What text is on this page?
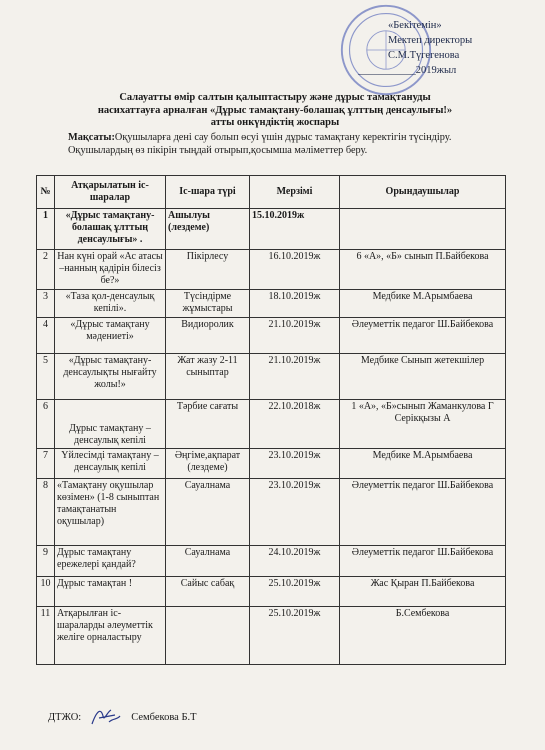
«Бекітемін»
Мектеп директоры
С.М.Түгегенова
___________2019жыл
Салауатты өмір салтын қалыптастыру және дұрыс тамақтануды
насихаттауға арналған «Дұрыс тамақтану-болашақ ұлттың денсаулығы!»
атты онкүндіктің жоспары
Мақсаты:Оқушыларға дені сау болып өсуі үшін дұрыс тамақтану керектігін түсіндіру. Оқушылардың өз пікірін тыңдай отырып,қосымша мәліметтер беру.
№	Атқарылатын іс-шаралар	Іс-шара түрі	Мерзімі	Орындаушылар
1	«Дұрыс тамақтану-болашақ ұлттың денсаулығы» .	Ашылуы (лездеме)	15.10.2019ж	
2	Нан күні орай «Ас атасы –нанның қадірін білесіз бе?»	Пікірлесу	16.10.2019ж	6 «А», «Б» сынып П.Байбекова
3	«Таза қол-денсаулық кепілі».	Түсіндірме жұмыстары	18.10.2019ж	Медбике М.Арымбаева
4	«Дұрыс тамақтану мәдениеті»	Видиоролик	21.10.2019ж	Әлеуметтік педагог Ш.Байбекова
5	«Дұрыс тамақтану-денсаулықты нығайту жолы!»	Жат жазу 2-11 сыныптар	21.10.2019ж	Медбике Сынып жетекшілер
6	Дұрыс тамақтану –денсаулық кепілі	Тәрбие сағаты	22.10.2018ж	1 «А», «Б»сынып Жаманкулова Г Серікқызы А
7	Үйлесімді тамақтану –денсаулық кепілі	Әңгіме,ақпарат (лездеме)	23.10.2019ж	Медбике М.Арымбаева
8	«Тамақтану оқушылар көзімен» (1-8 сыныптан тамақтанатын оқушылар)	Сауалнама	23.10.2019ж	Әлеуметтік педагог Ш.Байбекова
9	Дұрыс тамақтану ережелері қандай?	Сауалнама	24.10.2019ж	Әлеуметтік педагог Ш.Байбекова
10	Дұрыс тамақтан !	Сайыс сабақ	25.10.2019ж	Жас Қыран П.Байбекова
11	Атқарылған іс-шараларды әлеуметтік желіге орналастыру		25.10.2019ж	Б.Сембекова
ДТЖО:	Сембекова Б.Т
